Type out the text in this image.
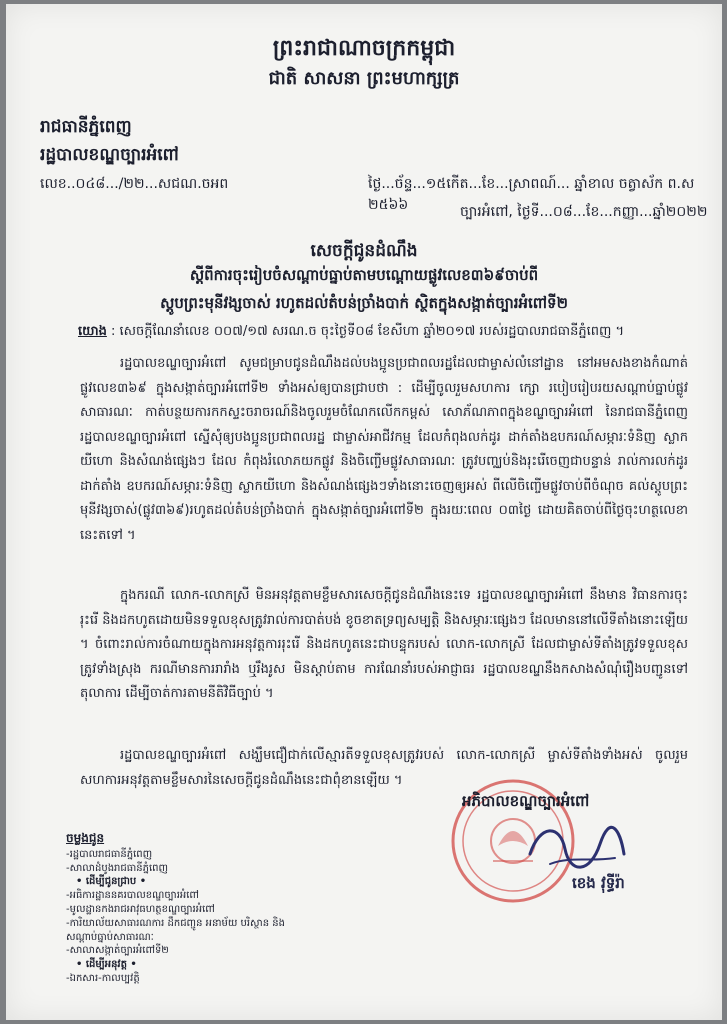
ព្រះរាជាណាចក្រកម្ពុជា
ជាតិ សាសនា ព្រះមហាក្សត្រ
រាជធានីភ្នំពេញ
រដ្ឋបាលខណ្ឌច្បារអំពៅ
លេខ..០៤៨.../២២...សជណ.ចអព	ថ្ងៃ...ច័ន្ទ...១៥កើត...ខែ...ស្រាពណ៍... ឆ្នាំខាល ចត្វាស័ក ព.ស ២៥៦៦	ច្បារអំពៅ, ថ្ងៃទី...០៨...ខែ...កញ្ញា...ឆ្នាំ២០២២
សេចក្តីជូនដំណឹង
ស្តីពីការចុះរៀបចំសណ្តាប់ធ្នាប់តាមបណ្តោយផ្លូវលេខ៣៦៩ចាប់ពី
ស្តូបព្រះមុនីវង្សចាស់ រហូតដល់តំបន់ច្រាំងបាក់ ស្ថិតក្នុងសង្កាត់ច្បារអំពៅទី២
យោង : សេចក្តីណែនាំលេខ ០០៧/១៧ សរណ.ច ចុះថ្ងៃទី០៨ ខែសីហា ឆ្នាំ២០១៧ របស់រដ្ឋបាលរាជធានីភ្នំពេញ ។
រដ្ឋបាលខណ្ឌច្បារអំពៅ សូមជម្រាបជូនដំណឹងដល់បងប្អូនប្រជាពលរដ្ឋដែលជាម្ចាស់លំនៅដ្ឋាន នៅអមសងខាងកំណាត់ផ្លូវលេខ៣៦៩ ក្នុងសង្កាត់ច្បារអំពៅទី២ ទាំងអស់ឲ្យបានជ្រាបថា : ដើម្បីចូលរួមសហការ ក្សោ របៀបរៀបរយសណ្តាប់ធ្នាប់ផ្លូវសាធារណៈ កាត់បន្ថយការកកស្ទះចរាចរណ៍និងចូលរួមចំណែកលើកកម្ពស់ សោភ័ណភាពក្នុងខណ្ឌច្បារអំពៅ នៃរាជធានីភ្នំពេញ រដ្ឋបាលខណ្ឌច្បារអំពៅ ស្នើសុំឲ្យបងប្អូនប្រជាពលរដ្ឋ ជាម្ចាស់អាជីវកម្ម ដែលកំពុងលក់ដូរ ដាក់តាំងឧបករណ៍សម្ភារៈទំនិញ ស្លាកយីហោ និងសំណង់ផ្សេងៗ ដែល កំពុងរំលោភយកផ្លូវ និងចិញ្ចើមផ្លូវសាធារណៈ ត្រូវបញ្ឈប់និងរុះរើចេញជាបន្ទាន់ រាល់ការលក់ដូរ ដាក់តាំង ឧបករណ៍សម្ភារៈទំនិញ ស្លាកយីហោ និងសំណង់ផ្សេងៗទាំងនោះចេញឲ្យអស់ ពីលើចិញ្ចើមផ្លូវចាប់ពីចំណុច គល់ស្តូបព្រះមុនីវង្សចាស់(ផ្លូវ៣៦៩)រហូតដល់តំបន់ច្រាំងបាក់ ក្នុងសង្កាត់ច្បារអំពៅទី២ ក្នុងរយៈពេល ០៣ថ្ងៃ ដោយគិតចាប់ពីថ្ងៃចុះហត្ថលេខានេះតទៅ ។
ក្នុងករណី លោក-លោកស្រី មិនអនុវត្តតាមខ្លឹមសារសេចក្តីជូនដំណឹងនេះទេ រដ្ឋបាលខណ្ឌច្បារអំពៅ នឹងមាន វិធានការចុះរុះរើ និងដកហូតដោយមិនទទួលខុសត្រូវរាល់ការបាត់បង់ ខូចខាតទ្រព្យសម្បត្តិ និងសម្ភារៈផ្សេងៗ ដែលមាននៅលើទីតាំងនោះឡើយ ។ ចំពោះរាល់ការចំណាយក្នុងការអនុវត្តការរុះរើ និងដកហូតនេះជាបន្ទុករបស់ លោក-លោកស្រី ដែលជាម្ចាស់ទីតាំងត្រូវទទួលខុសត្រូវទាំងស្រុង ករណីមានការរារាំង ឬរឹងរូស មិនស្តាប់តាម ការណែនាំរបស់អាជ្ញាធរ រដ្ឋបាលខណ្ឌនឹងកសាងសំណុំរឿងបញ្ជូនទៅតុលាការ ដើម្បីចាត់ការតាមនីតិវិធីច្បាប់ ។
រដ្ឋបាលខណ្ឌច្បារអំពៅ សង្ឃឹមជឿជាក់លើស្មារតីទទួលខុសត្រូវរបស់ លោក-លោកស្រី ម្ចាស់ទីតាំងទាំងអស់ ចូលរួមសហការអនុវត្តតាមខ្លឹមសារនៃសេចក្តីជូនដំណឹងនេះជាពុំខានឡើយ ។
អភិបាលខណ្ឌច្បារអំពៅ
ខេង វុទ្ធីរ៉ា
ចម្លងជូន
-រដ្ឋបាលរាជធានីភ្នំពេញ
-សាលាដំបូងរាជធានីភ្នំពេញ
• ដើម្បីជូនជ្រាប •
-អធិការដ្ឋាននគរបាលខណ្ឌច្បារអំពៅ
-មូលដ្ឋានកងរាជអាវុធហត្ថខណ្ឌច្បារអំពៅ
-ការិយាល័យសាធារណការ ដឹកជញ្ជូន អនាម័យ បរិស្ថាន និងសណ្តាប់ធ្នាប់សាធារណៈ
-សាលាសង្កាត់ច្បារអំពៅទី២
• ដើម្បីអនុវត្ត •
-ឯកសារ-កាលប្បវត្តិ
